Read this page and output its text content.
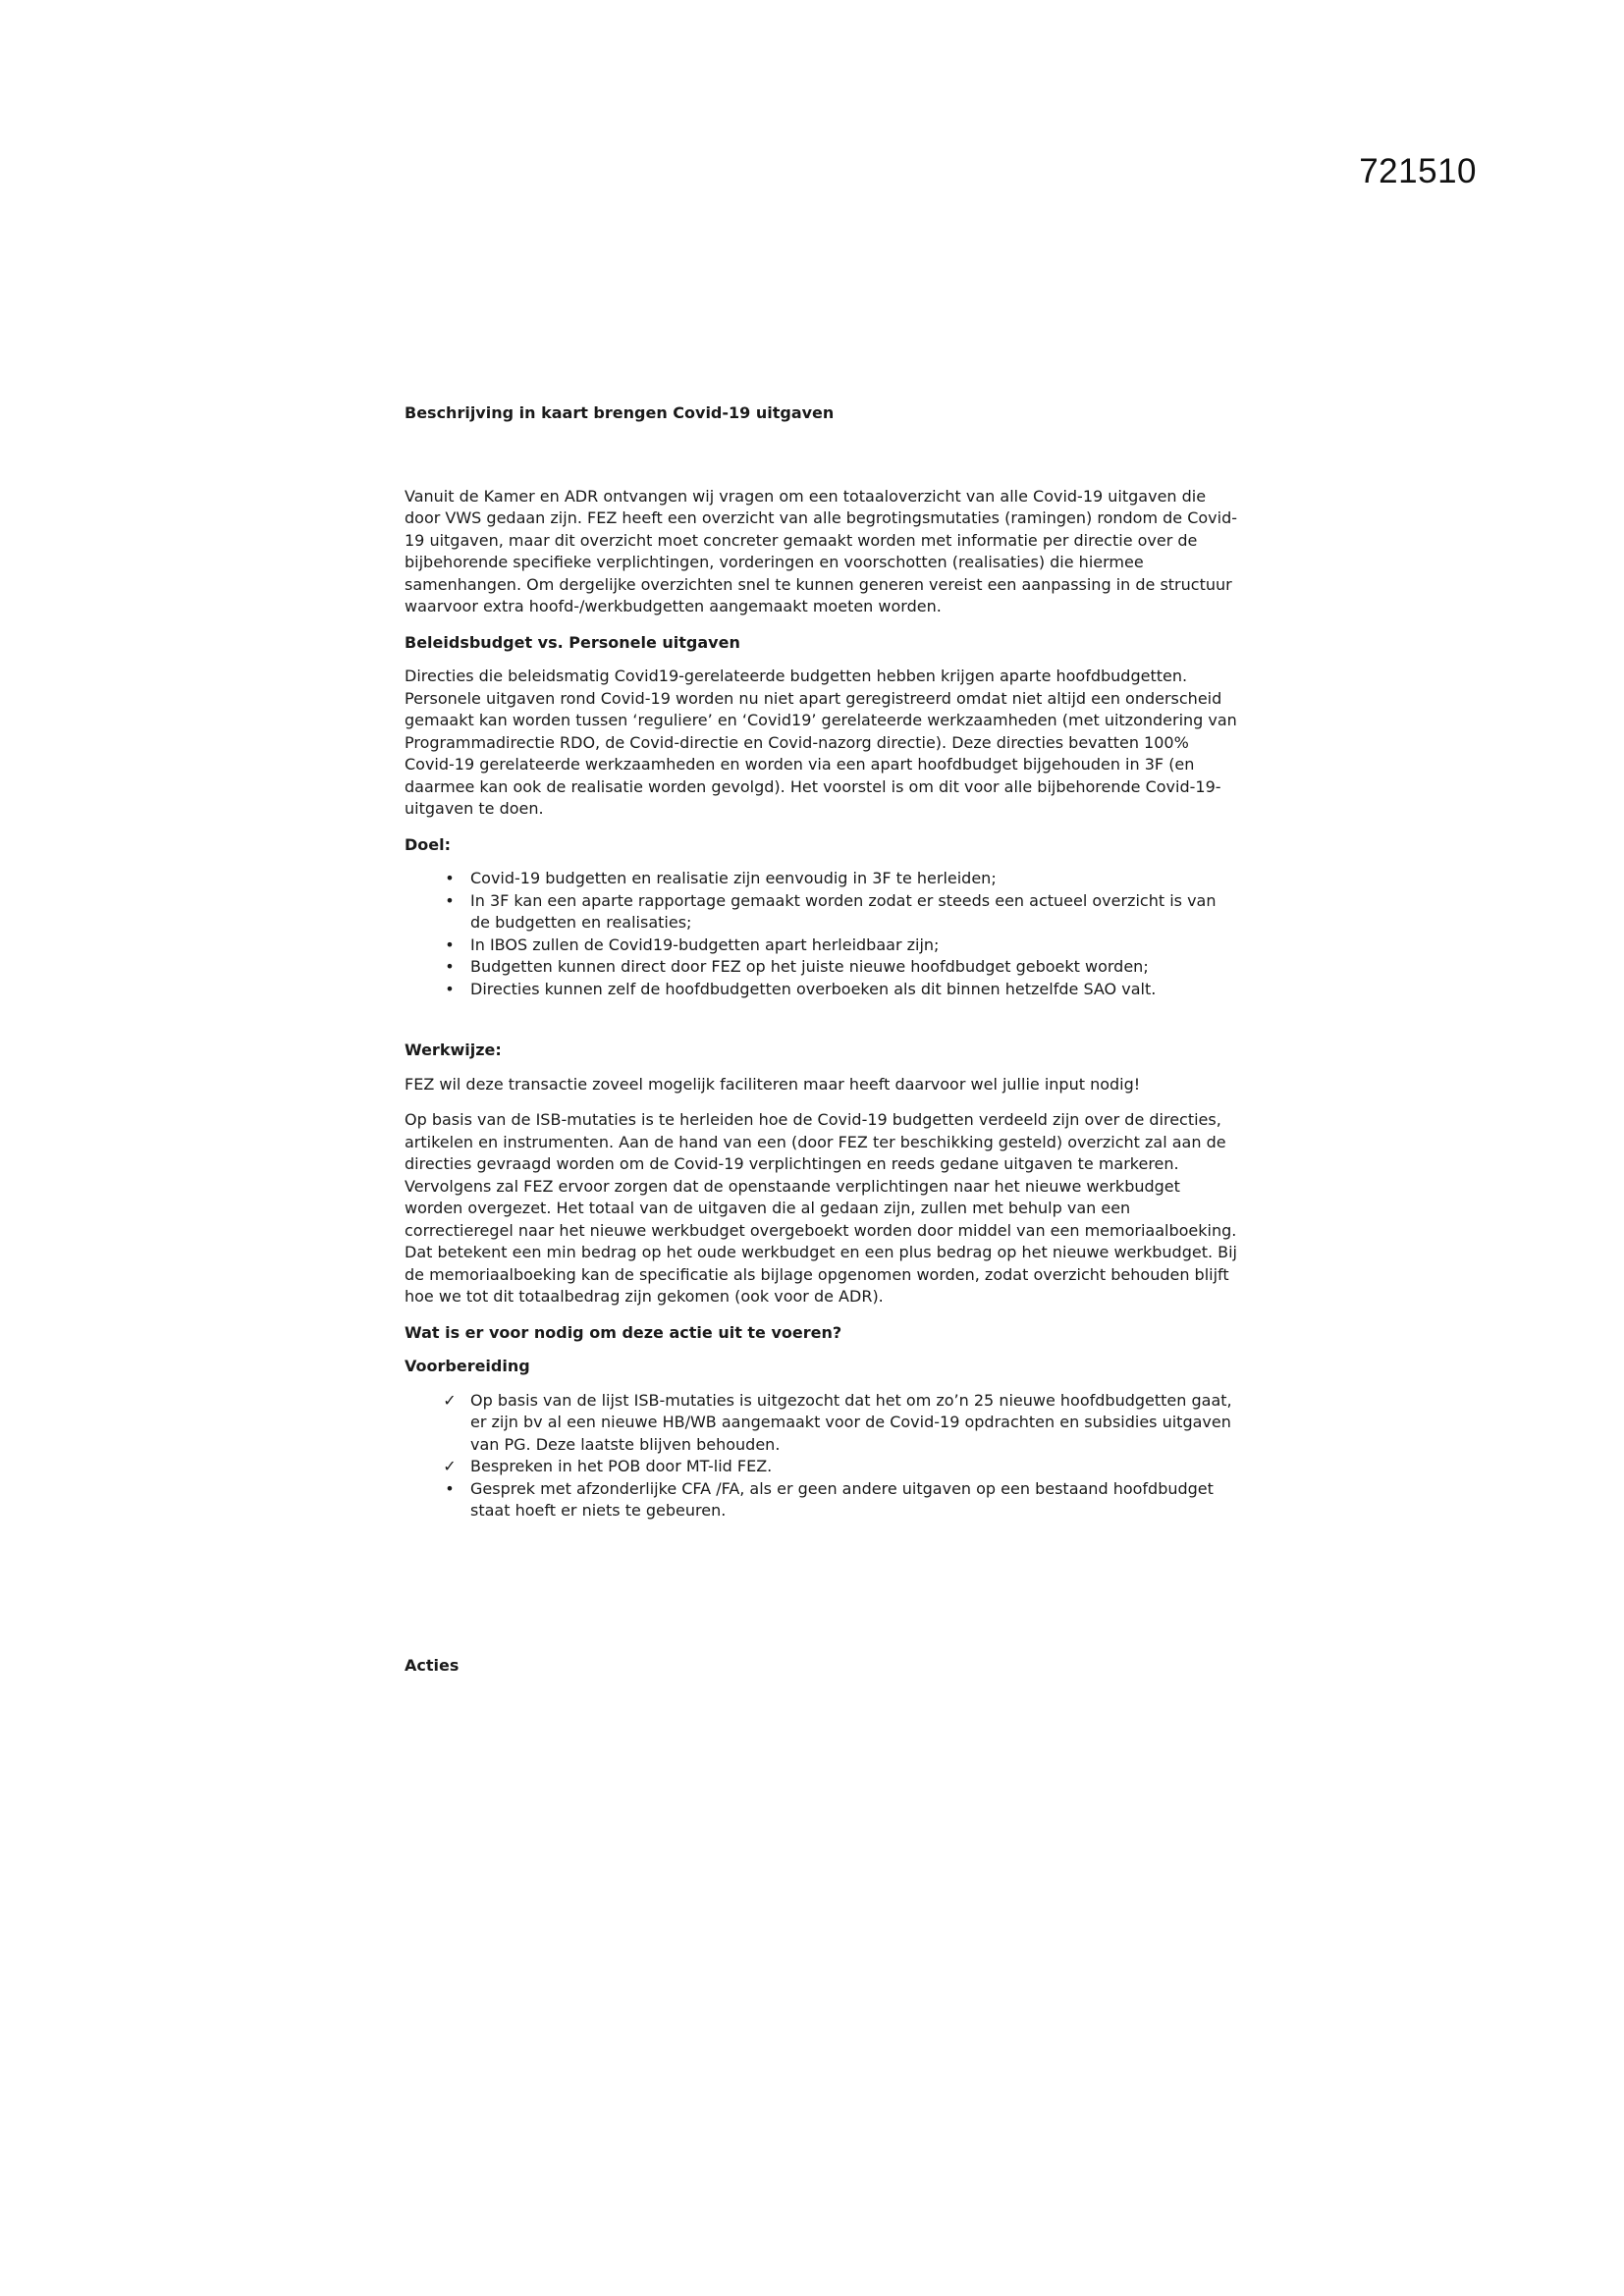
721510
Beschrijving in kaart brengen Covid-19 uitgaven

Vanuit de Kamer en ADR ontvangen wij vragen om een totaaloverzicht van alle Covid-19 uitgaven die door VWS gedaan zijn. FEZ heeft een overzicht van alle begrotingsmutaties (ramingen) rondom de Covid-19 uitgaven, maar dit overzicht moet concreter gemaakt worden met informatie per directie over de bijbehorende specifieke verplichtingen, vorderingen en voorschotten (realisaties) die hiermee samenhangen. Om dergelijke overzichten snel te kunnen generen vereist een aanpassing in de structuur waarvoor extra hoofd-/werkbudgetten aangemaakt moeten worden.

Beleidsbudget vs. Personele uitgaven

Directies die beleidsmatig Covid19-gerelateerde budgetten hebben krijgen aparte hoofdbudgetten. Personele uitgaven rond Covid-19 worden nu niet apart geregistreerd omdat niet altijd een onderscheid gemaakt kan worden tussen ‘reguliere’ en ‘Covid19’ gerelateerde werkzaamheden (met uitzondering van Programmadirectie RDO, de Covid-directie en Covid-nazorg directie). Deze directies bevatten 100% Covid-19 gerelateerde werkzaamheden en worden via een apart hoofdbudget bijgehouden in 3F (en daarmee kan ook de realisatie worden gevolgd). Het voorstel is om dit voor alle bijbehorende Covid-19-uitgaven te doen.

Doel:
•	Covid-19 budgetten en realisatie zijn eenvoudig in 3F te herleiden;
•	In 3F kan een aparte rapportage gemaakt worden zodat er steeds een actueel overzicht is van de budgetten en realisaties;
•	In IBOS zullen de Covid19-budgetten apart herleidbaar zijn;
•	Budgetten kunnen direct door FEZ op het juiste nieuwe hoofdbudget geboekt worden;
•	Directies kunnen zelf de hoofdbudgetten overboeken als dit binnen hetzelfde SAO valt.
Werkwijze:

FEZ wil deze transactie zoveel mogelijk faciliteren maar heeft daarvoor wel jullie input nodig!

Op basis van de ISB-mutaties is te herleiden hoe de Covid-19 budgetten verdeeld zijn over de directies, artikelen en instrumenten. Aan de hand van een (door FEZ ter beschikking gesteld) overzicht zal aan de directies gevraagd worden om de Covid-19 verplichtingen en reeds gedane uitgaven te markeren. Vervolgens zal FEZ ervoor zorgen dat de openstaande verplichtingen naar het nieuwe werkbudget worden overgezet. Het totaal van de uitgaven die al gedaan zijn, zullen met behulp van een correctieregel naar het nieuwe werkbudget overgeboekt worden door middel van een memoriaalboeking. Dat betekent een min bedrag op het oude werkbudget en een plus bedrag op het nieuwe werkbudget. Bij de memoriaalboeking kan de specificatie als bijlage opgenomen worden, zodat overzicht behouden blijft hoe we tot dit totaalbedrag zijn gekomen (ook voor de ADR).

Wat is er voor nodig om deze actie uit te voeren?
Voorbereiding
✓ Op basis van de lijst ISB-mutaties is uitgezocht dat het om zo’n 25 nieuwe hoofdbudgetten gaat, er zijn bv al een nieuwe HB/WB aangemaakt voor de Covid-19 opdrachten en subsidies uitgaven van PG. Deze laatste blijven behouden.
✓ Bespreken in het POB door MT-lid FEZ.
•	Gesprek met afzonderlijke CFA /FA, als er geen andere uitgaven op een bestaand hoofdbudget staat hoeft er niets te gebeuren.
Acties
